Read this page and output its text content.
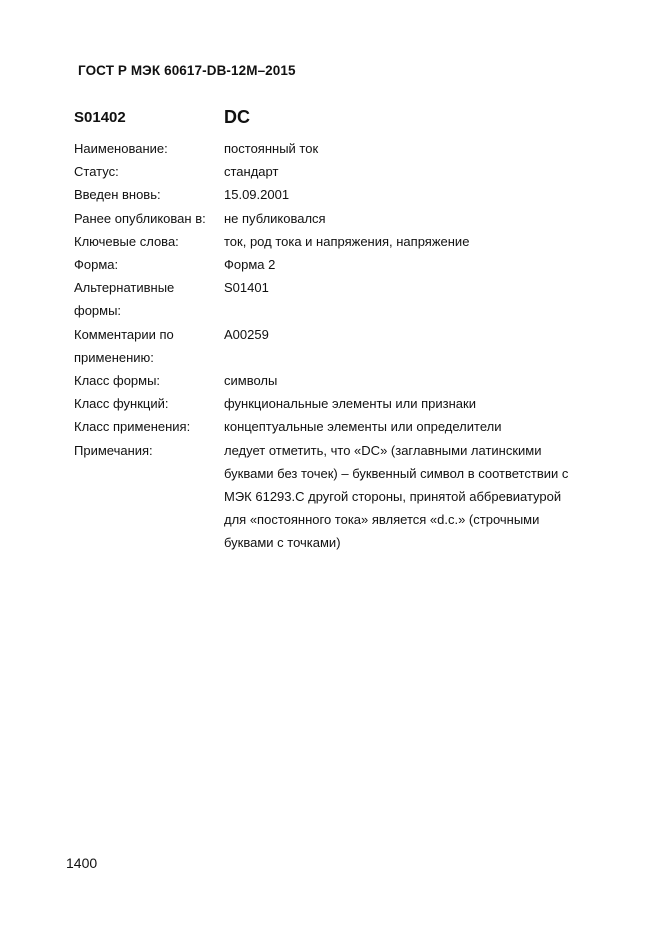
ГОСТ Р МЭК 60617-DB-12M–2015
S01402	DC
Наименование:	постоянный ток
Статус:	стандарт
Введен вновь:	15.09.2001
Ранее опубликован в:	не публиковался
Ключевые слова:	ток, род тока и напряжения, напряжение
Форма:	Форма 2
Альтернативные формы:
S01401
Комментарии по применению:
A00259
Класс формы:	символы
Класс функций:	функциональные элементы или признаки
Класс применения:	концептуальные элементы или определители
Примечания:	ледует отметить, что «DC» (заглавными латинскими буквами без точек) – буквенный символ в соответствии с МЭК 61293.С другой стороны, принятой аббревиатурой для «постоянного тока» является «d.c.» (строчными буквами с точками)
1400
